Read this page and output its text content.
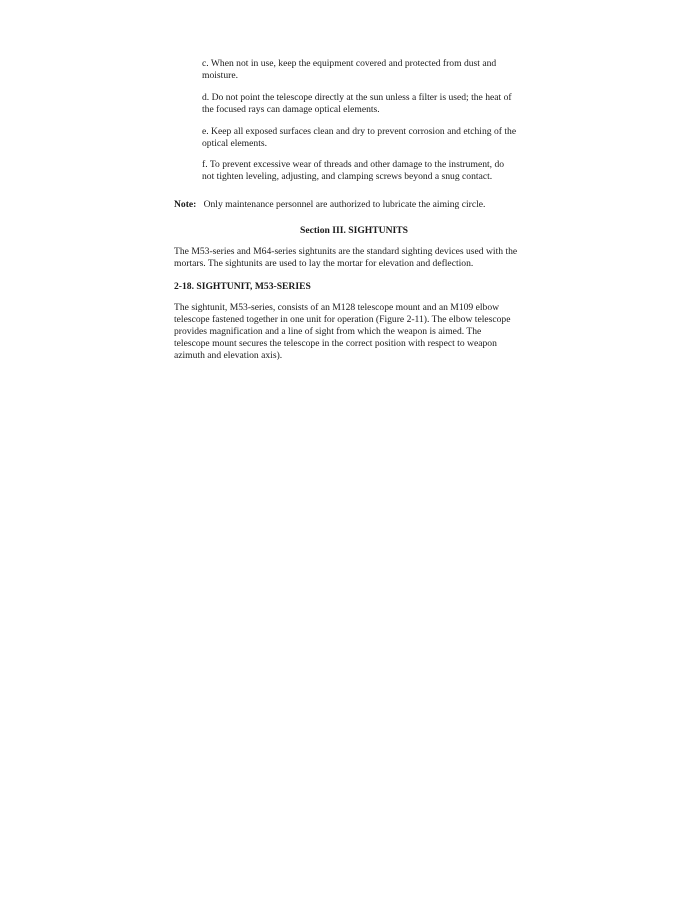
c. When not in use, keep the equipment covered and protected from dust and

moisture.

d. Do not point the telescope directly at the sun unless a filter is used; the heat of

the focused rays can damage optical elements.

e. Keep all exposed surfaces clean and dry to prevent corrosion and etching of the

optical elements.

f. To prevent excessive wear of threads and other damage to the instrument, do

not tighten leveling, adjusting, and clamping screws beyond a snug contact.

Note: Only maintenance personnel are authorized to lubricate the aiming circle.

Section III. SIGHTUNITS

The M53-series and M64-series sightunits are the standard sighting devices used with the

mortars. The sightunits are used to lay the mortar for elevation and deflection.

2-18. SIGHTUNIT, M53-SERIES

The sightunit, M53-series, consists of an M128 telescope mount and an M109 elbow

telescope fastened together in one unit for operation (Figure 2-11). The elbow telescope

provides magnification and a line of sight from which the weapon is aimed. The

telescope mount secures the telescope in the correct position with respect to weapon

azimuth and elevation axis).
